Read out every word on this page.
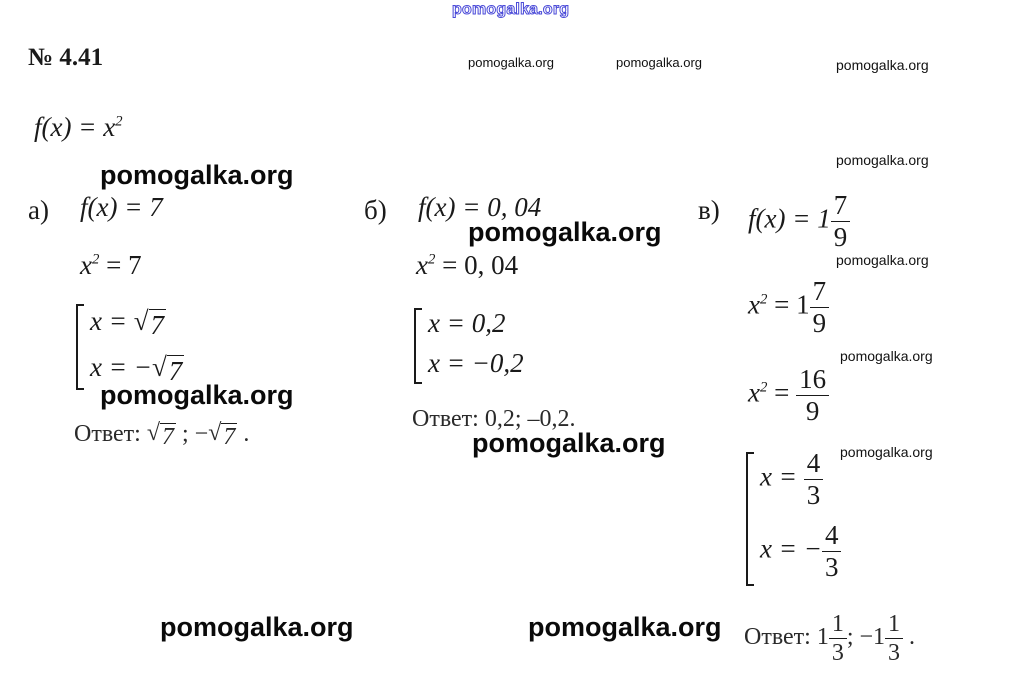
pomogalka.org
№ 4.41	pomogalka.org	pomogalka.org	pomogalka.org
pomogalka.org
pomogalka.org
pomogalka.org
pomogalka.org
$f(x) = x^2$
pomogalka.org
pomogalka.org
pomogalka.org
pomogalka.org
pomogalka.org	pomogalka.org
а) f(x) = 7
$x^2 = 7$
x = √ 7
x = − √ 7
Ответ: √ 7 ; − √ 7 .
б) f(x) = 0, 04
$x^2 = 0$, 04
x = 0,2
x = −0,2
Ответ: 0,2; –0,2.
в) $f(x) = 1 \frac{7}{9}$
$x^2 = 1 \frac{7}{9}$
$x^2 = \frac{16}{9}$
$x = \frac{4}{3}$
x = − $\frac{4}{3}$
Ответ: $1 \frac{1}{3}$ ; $-1 \frac{1}{3}$ .
